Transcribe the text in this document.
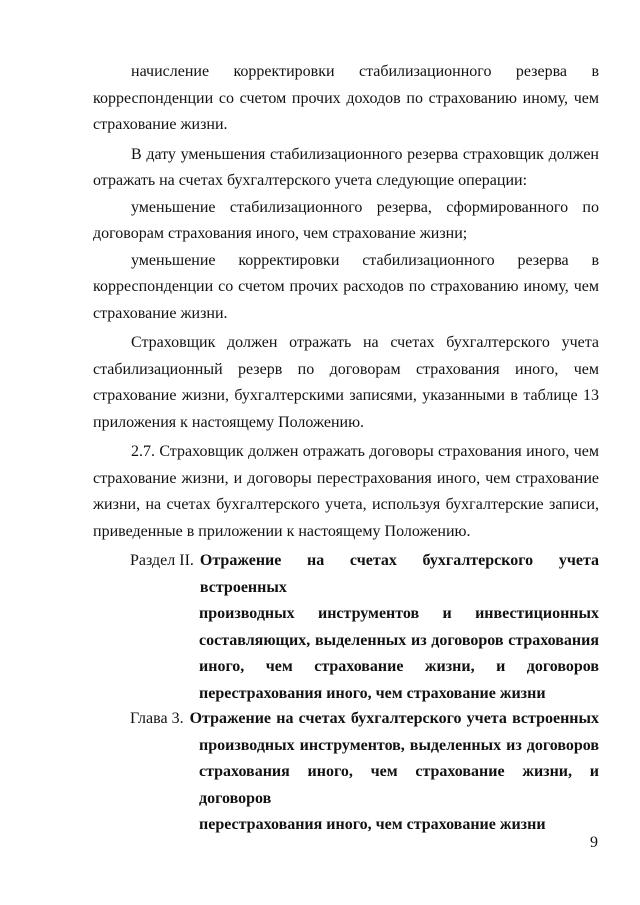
начисление корректировки стабилизационного резерва в корреспонденции со счетом прочих доходов по страхованию иному, чем страхование жизни.

В дату уменьшения стабилизационного резерва страховщик должен отражать на счетах бухгалтерского учета следующие операции:

уменьшение стабилизационного резерва, сформированного по договорам страхования иного, чем страхование жизни;

уменьшение корректировки стабилизационного резерва в корреспонденции со счетом прочих расходов по страхованию иному, чем страхование жизни.

Страховщик должен отражать на счетах бухгалтерского учета стабилизационный резерв по договорам страхования иного, чем страхование жизни, бухгалтерскими записями, указанными в таблице 13 приложения к настоящему Положению.

2.7. Страховщик должен отражать договоры страхования иного, чем страхование жизни, и договоры перестрахования иного, чем страхование жизни, на счетах бухгалтерского учета, используя бухгалтерские записи, приведенные в приложении к настоящему Положению.

Раздел II. Отражение на счетах бухгалтерского учета встроенных
производных инструментов и инвестиционных
составляющих, выделенных из договоров страхования
иного, чем страхование жизни, и договоров
перестрахования иного, чем страхование жизни
Глава 3. Отражение на счетах бухгалтерского учета встроенных
производных инструментов, выделенных из договоров
страхования иного, чем страхование жизни, и договоров
перестрахования иного, чем страхование жизни
9
